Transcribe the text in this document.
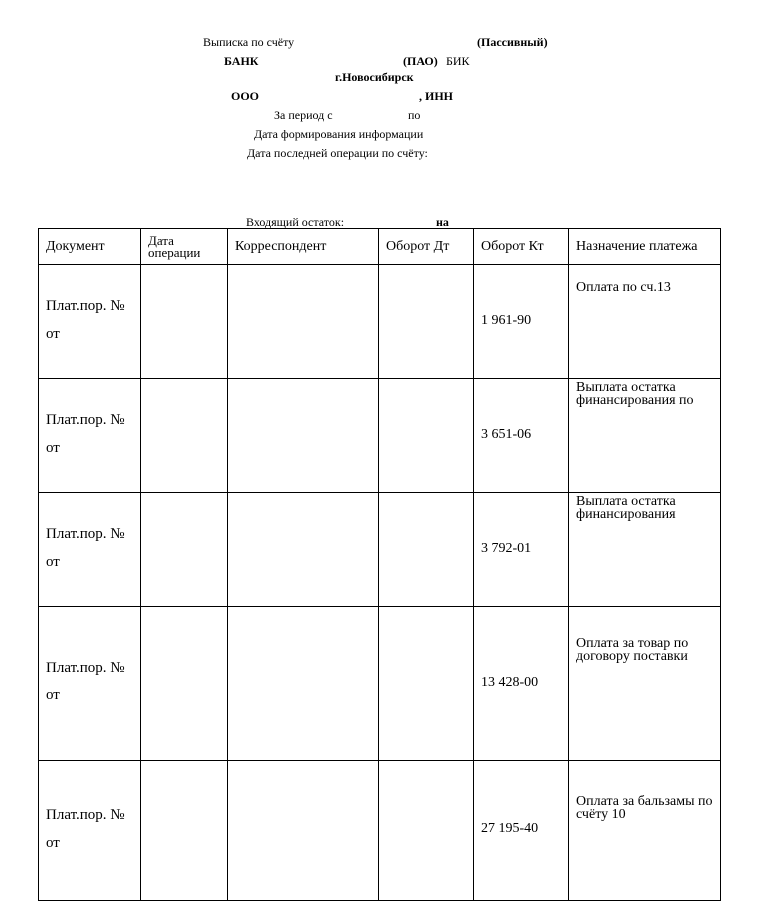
Выписка по счёту	(Пассивный)
БАНК	(ПАО) БИК
г.Новосибирск
ООО	, ИНН
За период с	по
Дата формирования информации
Дата последней операции по счёту:
Входящий остаток:	на
Документ	Дата операции	Корреспондент	Оборот Дт	Оборот Кт	Назначение платежа

Плат.пор. №
от				1 961-90	Оплата по сч.13

Плат.пор. №
от				3 651-06	Выплата остатка финансирования по

Плат.пор. №
от				3 792-01	Выплата остатка финансирования

Плат.пор. №
от				13 428-00	Оплата за товар по договору поставки

Плат.пор. №
от				27 195-40	Оплата за бальзамы по счёту 10
